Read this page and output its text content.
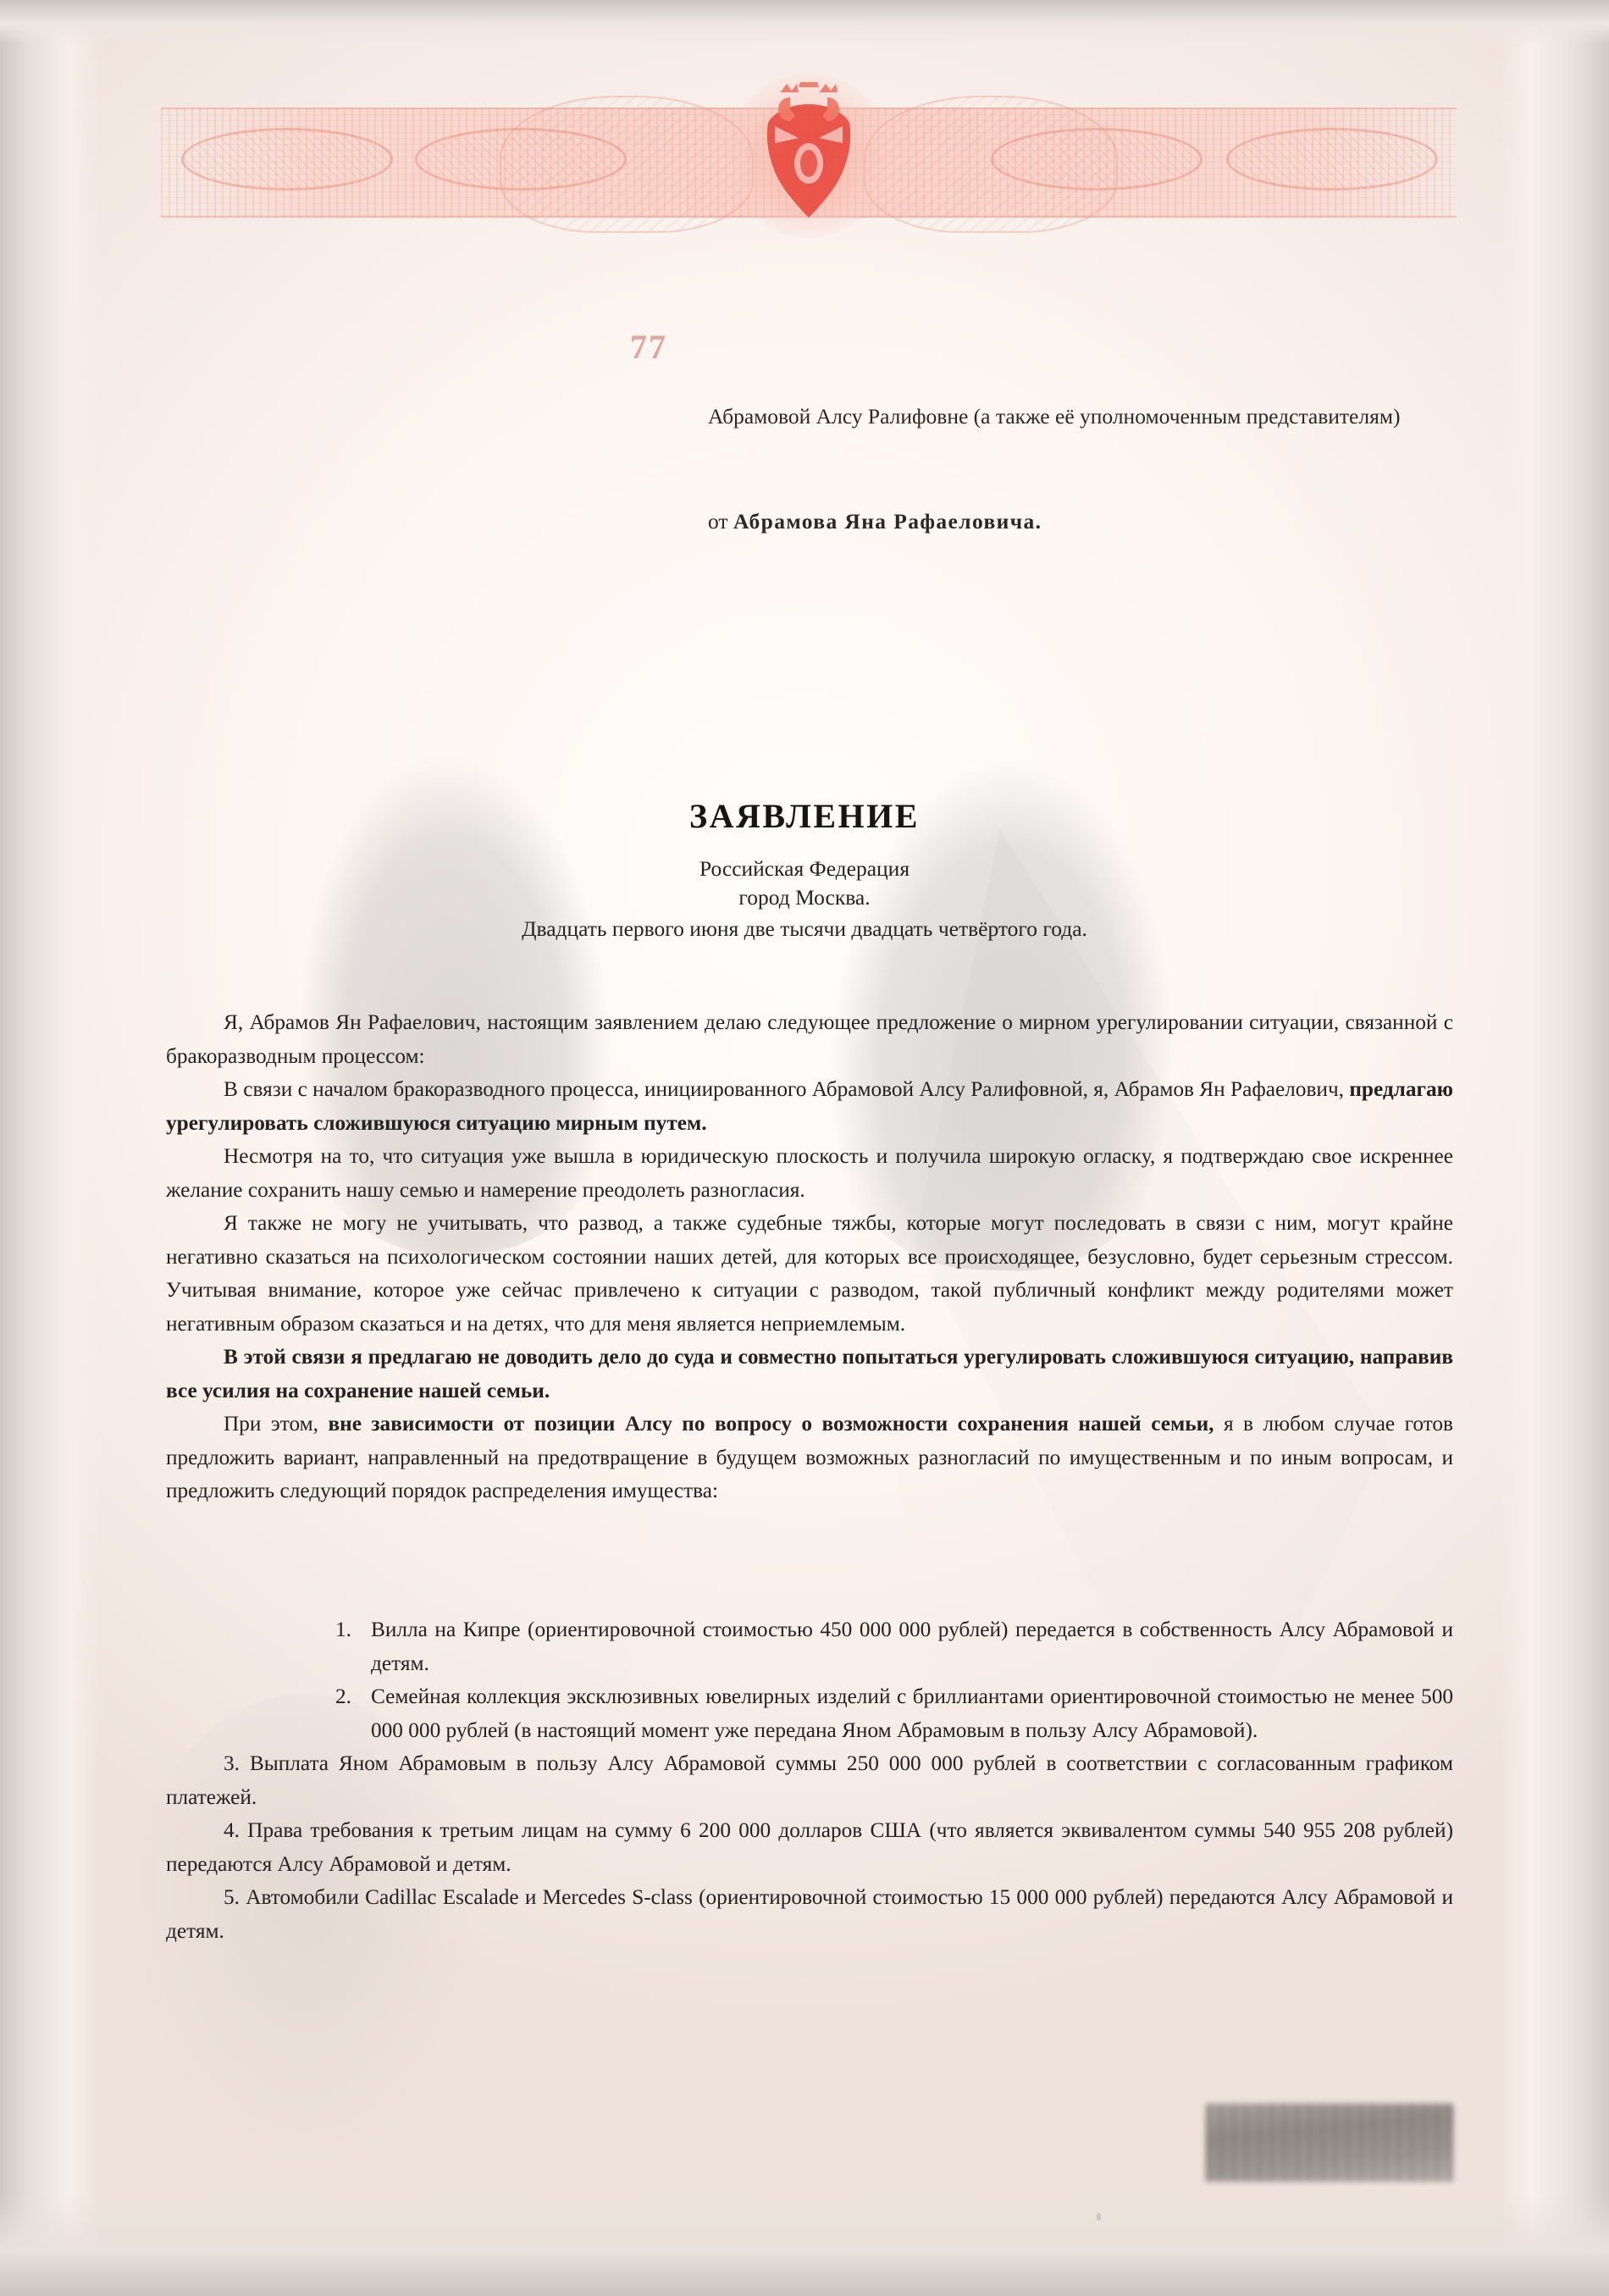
77
Абрамовой Алсу Ралифовне (а также её уполномоченным представителям)
от Абрамова Яна Рафаеловича.
ЗАЯВЛЕНИЕ
Российская Федерация
город Москва.
Двадцать первого июня две тысячи двадцать четвёртого года.

Я, Абрамов Ян Рафаелович, настоящим заявлением делаю следующее предложение о мирном урегулировании ситуации, связанной с бракоразводным процессом:

В связи с началом бракоразводного процесса, инициированного Абрамовой Алсу Ралифовной, я, Абрамов Ян Рафаелович, предлагаю урегулировать сложившуюся ситуацию мирным путем.

Несмотря на то, что ситуация уже вышла в юридическую плоскость и получила широкую огласку, я подтверждаю свое искреннее желание сохранить нашу семью и намерение преодолеть разногласия.

Я также не могу не учитывать, что развод, а также судебные тяжбы, которые могут последовать в связи с ним, могут крайне негативно сказаться на психологическом состоянии наших детей, для которых все происходящее, безусловно, будет серьезным стрессом. Учитывая внимание, которое уже сейчас привлечено к ситуации с разводом, такой публичный конфликт между родителями может негативным образом сказаться и на детях, что для меня является неприемлемым.

В этой связи я предлагаю не доводить дело до суда и совместно попытаться урегулировать сложившуюся ситуацию, направив все усилия на сохранение нашей семьи.

При этом, вне зависимости от позиции Алсу по вопросу о возможности сохранения нашей семьи, я в любом случае готов предложить вариант, направленный на предотвращение в будущем возможных разногласий по имущественным и по иным вопросам, и предложить следующий порядок распределения имущества:

1. Вилла на Кипре (ориентировочной стоимостью 450 000 000 рублей) передается в собственность Алсу Абрамовой и детям.
2. Семейная коллекция эксклюзивных ювелирных изделий с бриллиантами ориентировочной стоимостью не менее 500 000 000 рублей (в настоящий момент уже передана Яном Абрамовым в пользу Алсу Абрамовой).
3. Выплата Яном Абрамовым в пользу Алсу Абрамовой суммы 250 000 000 рублей в соответствии с согласованным графиком платежей.
4. Права требования к третьим лицам на сумму 6 200 000 долларов США (что является эквивалентом суммы 540 955 208 рублей) передаются Алсу Абрамовой и детям.
5. Автомобили Cadillac Escalade и Mercedes S-class (ориентировочной стоимостью 15 000 000 рублей) передаются Алсу Абрамовой и детям.
